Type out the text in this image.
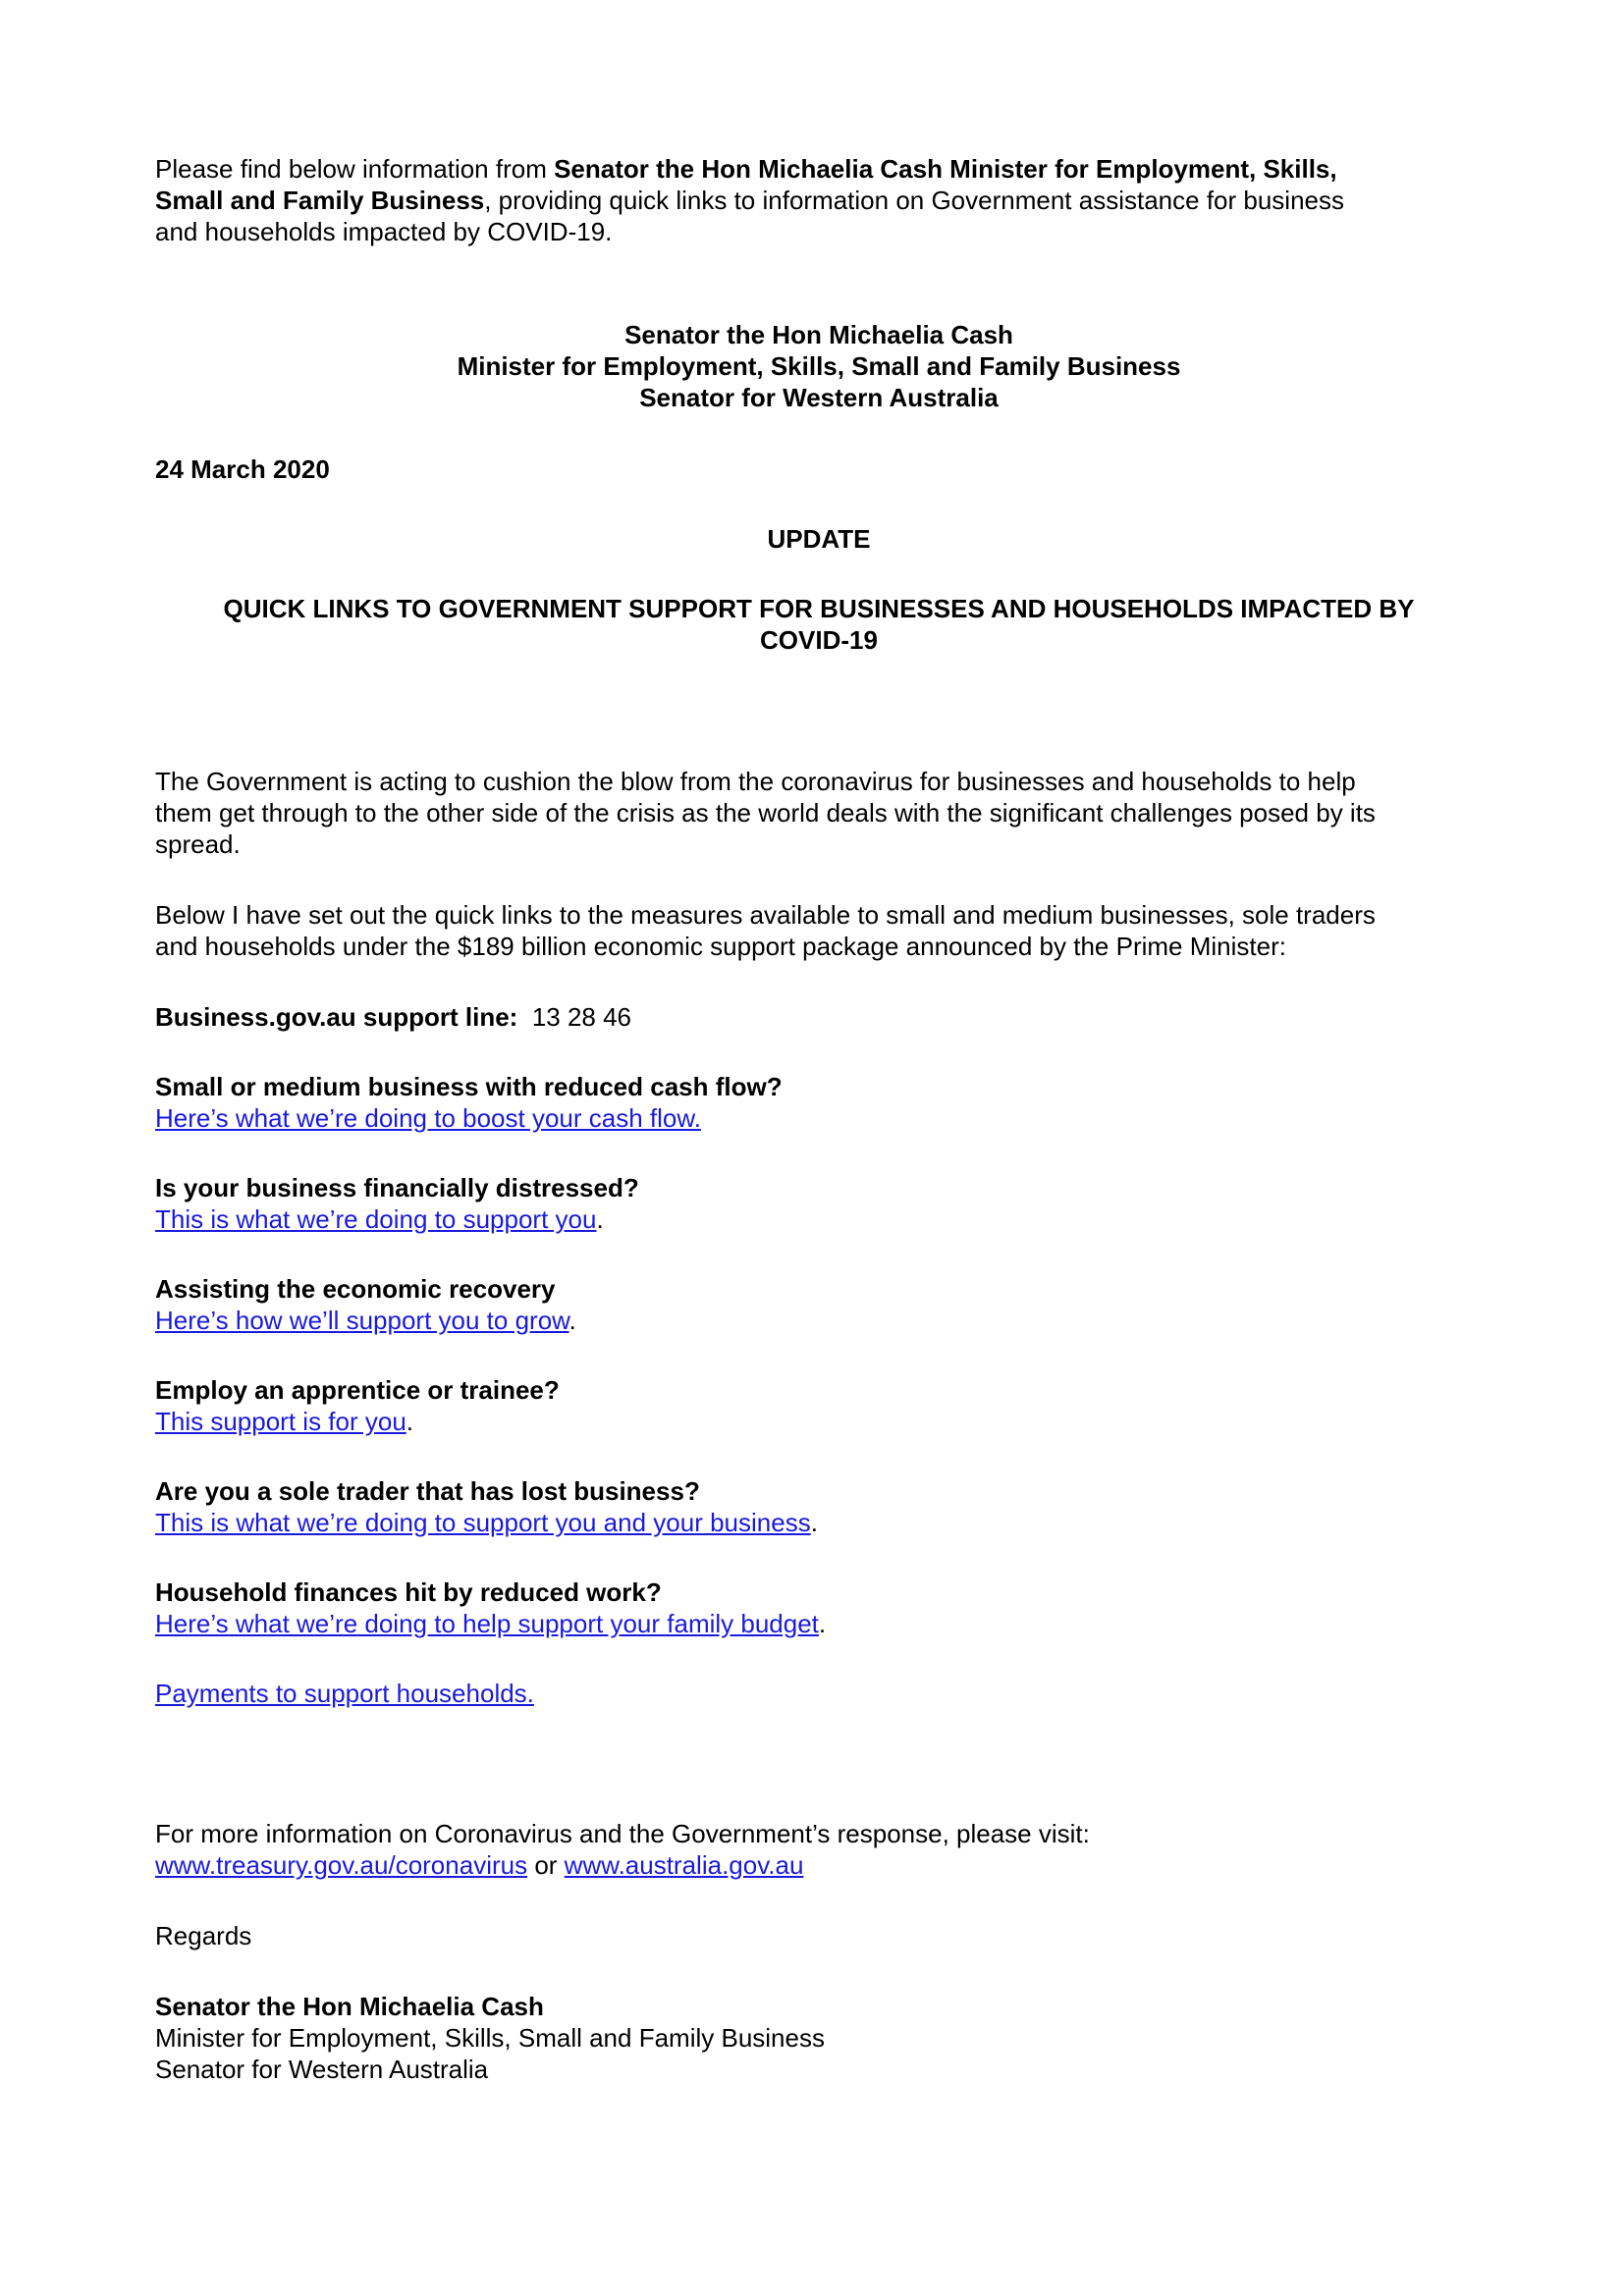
Please find below information from Senator the Hon Michaelia Cash Minister for Employment, Skills,

Small and Family Business, providing quick links to information on Government assistance for business

and households impacted by COVID-19.

Senator the Hon Michaelia Cash

Minister for Employment, Skills, Small and Family Business

Senator for Western Australia

24 March 2020

UPDATE

QUICK LINKS TO GOVERNMENT SUPPORT FOR BUSINESSES AND HOUSEHOLDS IMPACTED BY

COVID-19

The Government is acting to cushion the blow from the coronavirus for businesses and households to help

them get through to the other side of the crisis as the world deals with the significant challenges posed by its

spread.

Below I have set out the quick links to the measures available to small and medium businesses, sole traders

and households under the $189 billion economic support package announced by the Prime Minister:

Business.gov.au support line: 13 28 46

Small or medium business with reduced cash flow?

Here’s what we’re doing to boost your cash flow.

Is your business financially distressed?

This is what we’re doing to support you.

Assisting the economic recovery

Here’s how we’ll support you to grow.

Employ an apprentice or trainee?

This support is for you.

Are you a sole trader that has lost business?

This is what we’re doing to support you and your business.

Household finances hit by reduced work?

Here’s what we’re doing to help support your family budget.

Payments to support households.

For more information on Coronavirus and the Government’s response, please visit:

www.treasury.gov.au/coronavirus or www.australia.gov.au

Regards

Senator the Hon Michaelia Cash

Minister for Employment, Skills, Small and Family Business

Senator for Western Australia
